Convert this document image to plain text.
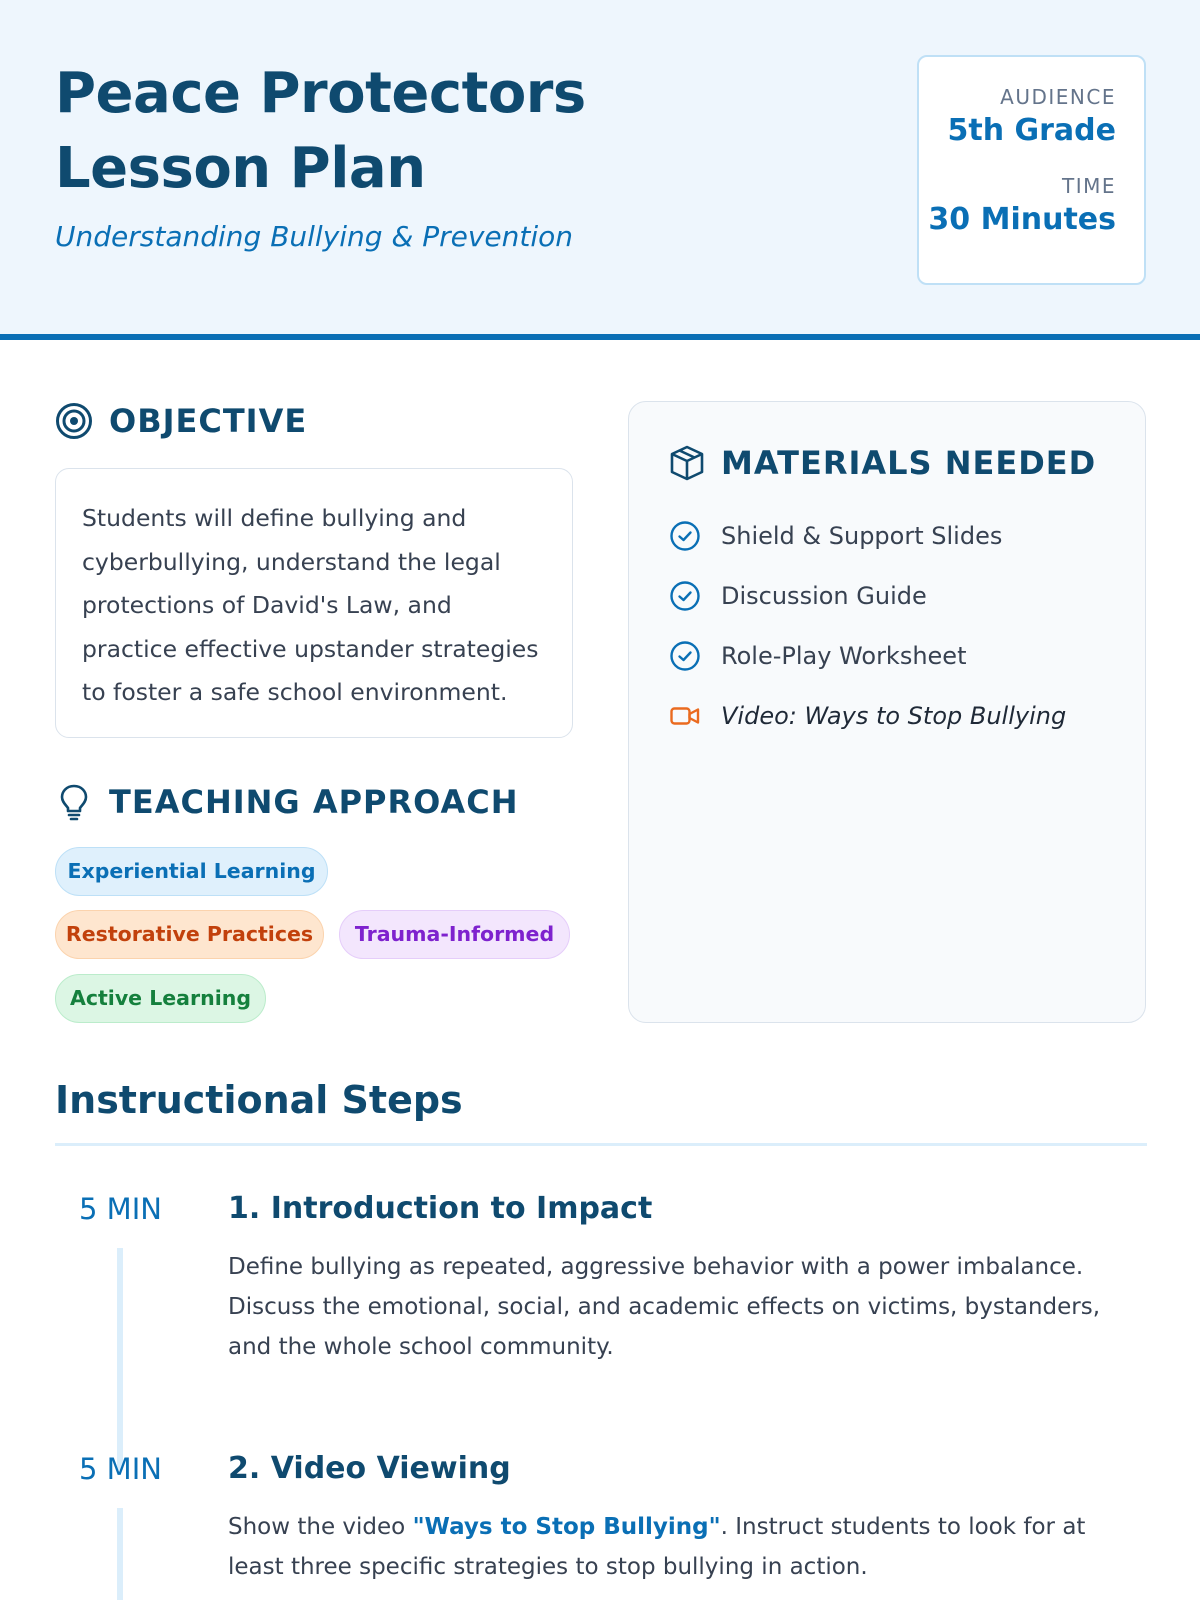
Peace Protectors
Lesson Plan
Understanding Bullying & Prevention
AUDIENCE
5th Grade
TIME
30 Minutes
OBJECTIVE
Students will define bullying and
cyberbullying, understand the legal
protections of David's Law, and
practice effective upstander strategies
to foster a safe school environment.
TEACHING APPROACH
Experiential Learning
Restorative Practices	Trauma-Informed
Active Learning
MATERIALS NEEDED
Shield & Support Slides
Discussion Guide
Role-Play Worksheet
Video: Ways to Stop Bullying
Instructional Steps
5 MIN 1. Introduction to Impact
Define bullying as repeated, aggressive behavior with a power imbalance.
Discuss the emotional, social, and academic effects on victims, bystanders,
and the whole school community.
5 MIN 2. Video Viewing
Show the video "Ways to Stop Bullying". Instruct students to look for at
least three specific strategies to stop bullying in action.
